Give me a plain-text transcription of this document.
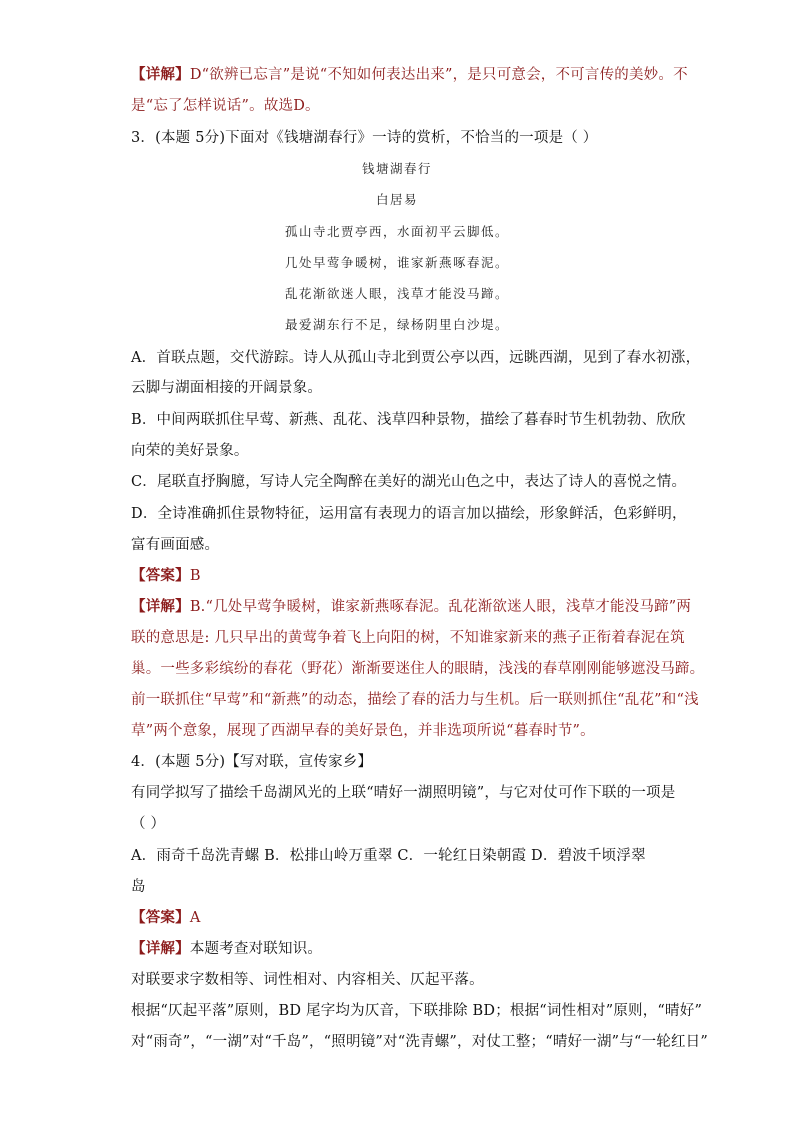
【详解】D“欲辨已忘言”是说“不知如何表达出来”，是只可意会，不可言传的美妙。不
是“忘了怎样说话”。故选D。
3．(本题 5分)下面对《钱塘湖春行》一诗的赏析，不恰当的一项是（ ）
钱塘湖春行
白居易
孤山寺北贾亭西，水面初平云脚低。
几处早莺争暖树，谁家新燕啄春泥。
乱花渐欲迷人眼，浅草才能没马蹄。
最爱湖东行不足，绿杨阴里白沙堤。
A．首联点题，交代游踪。诗人从孤山寺北到贾公亭以西，远眺西湖，见到了春水初涨，
云脚与湖面相接的开阔景象。
B．中间两联抓住早莺、新燕、乱花、浅草四种景物，描绘了暮春时节生机勃勃、欣欣
向荣的美好景象。
C．尾联直抒胸臆，写诗人完全陶醉在美好的湖光山色之中，表达了诗人的喜悦之情。
D．全诗准确抓住景物特征，运用富有表现力的语言加以描绘，形象鲜活，色彩鲜明，
富有画面感。
【答案】B
【详解】B.“几处早莺争暖树，谁家新燕啄春泥。乱花渐欲迷人眼，浅草才能没马蹄”两
联的意思是: 几只早出的黄莺争着飞上向阳的树，不知谁家新来的燕子正衔着春泥在筑
巢。一些多彩缤纷的春花（野花）渐渐要迷住人的眼睛，浅浅的春草刚刚能够遮没马蹄。
前一联抓住“早莺”和“新燕”的动态，描绘了春的活力与生机。后一联则抓住“乱花”和“浅
草”两个意象，展现了西湖早春的美好景色，并非选项所说“暮春时节”。
4．(本题 5分)【写对联，宣传家乡】
有同学拟写了描绘千岛湖风光的上联“晴好一湖照明镜”，与它对仗可作下联的一项是
（ ）
A．雨奇千岛洗青螺 B．松排山岭万重翠 C．一轮红日染朝霞 D．碧波千顷浮翠
岛
【答案】A
【详解】本题考查对联知识。
对联要求字数相等、词性相对、内容相关、仄起平落。
根据“仄起平落”原则，BD 尾字均为仄音，下联排除 BD；根据“词性相对”原则，“晴好”
对“雨奇”，“一湖”对“千岛”，“照明镜”对“洗青螺”，对仗工整；“晴好一湖”与“一轮红日”
